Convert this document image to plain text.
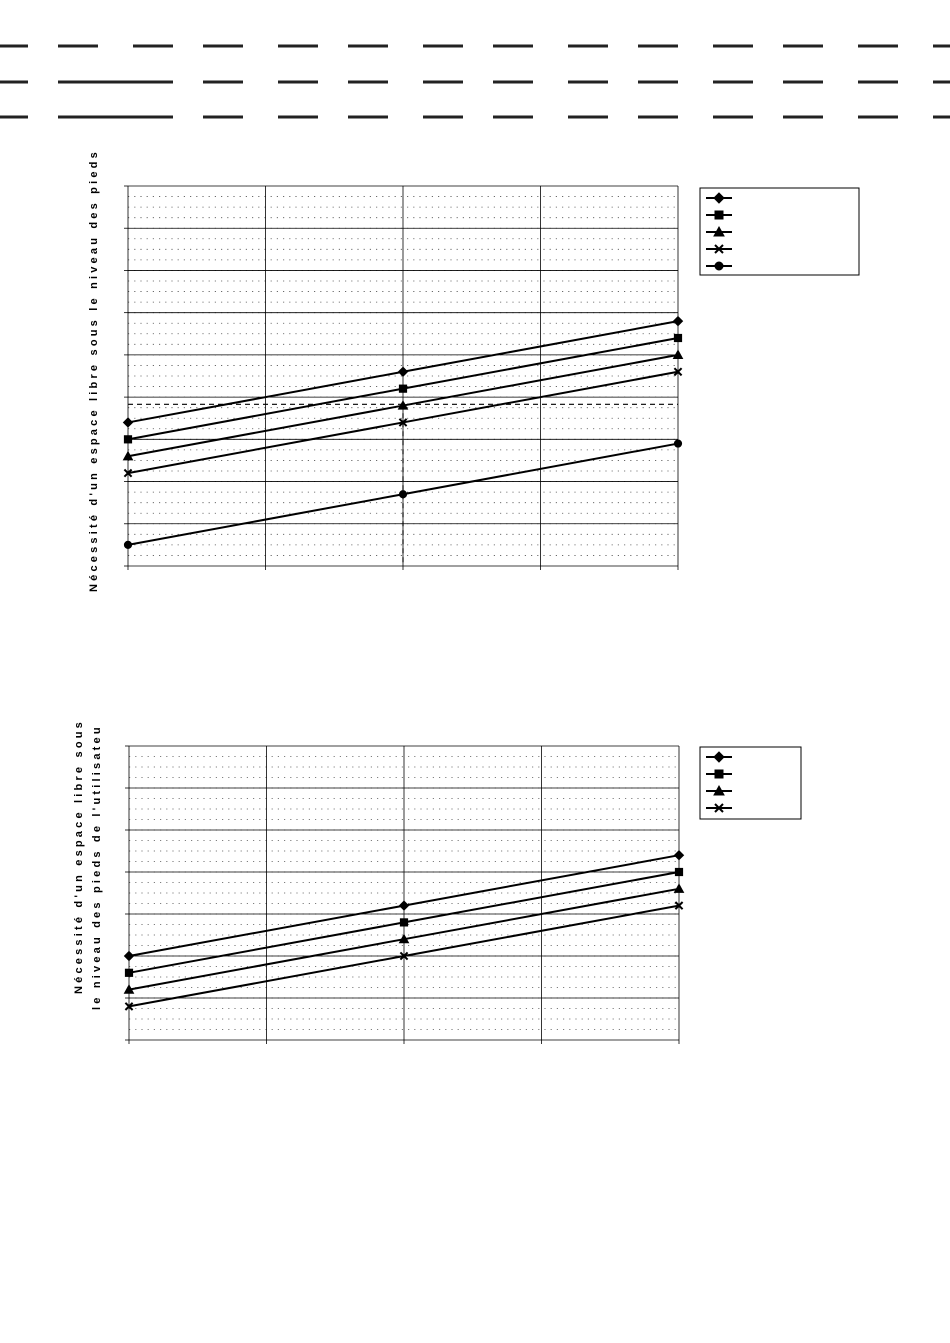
Nécessité d'un espace libre sous le niveau des pieds
Nécessité d'un espace libre sous le niveau des pieds de l'utilisateu
